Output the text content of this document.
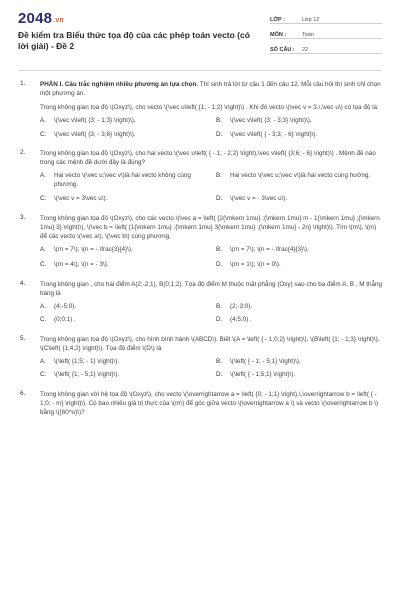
2048.vn
Đề kiểm tra Biểu thức tọa độ của các phép toán vecto (có lời giải) - Đề 2
LỚP :	Lớp 12
MÔN :	Toán
SỐ CÂU :	22
1. PHẦN I. Câu trắc nghiệm nhiều phương án lựa chọn. Thí sinh trả lời từ câu 1 đến câu 12. Mỗi câu hỏi thí sinh chỉ chọn một phương án.
Trong không gian tọa độ \(Oxyz\), cho vecto \(\vec u\left( {1; - 1;2} \right)\) . Khi đó vecto \(\vec v = 3.\,\vec u\) có tọa độ là:
A.	\(\vec v\left( {3; - 1;3} \right)\).	B.	\(\vec v\left( {3; - 3;3} \right)\).
C.	\(\vec v\left( {3; - 3;6} \right)\).	D.	\(\vec v\left( { - 3;3; - 6} \right)\).
2. Trong không gian tọa độ \(Oxyz\), cho hai vecto \(\vec u\left( { - 1; - 2;2} \right),\vec v\left( {3;6; - 6} \right)\) . Mệnh đề nào trong các mệnh đề dưới đây là đúng?
A.	Hai vecto \(\vec u;\vec v\)là hai vecto không cùng phương.
B.	Hai vecto \(\vec u;\vec v\)là hai vecto cùng hướng.
C.	\(\vec v = 3\vec u\).	D.	\(\vec v = - 3\vec u\).
3. Trong không gian tọa độ \(Oxyz\), cho các vecto \(\vec a = \left( {2{\mkern 1mu} ;{\mkern 1mu} m - 1{\mkern 1mu} ;{\mkern 1mu} 3} \right)\), \(\vec b = \left( {1{\mkern 1mu} ;{\mkern 1mu} 3{\mkern 1mu} ;{\mkern 1mu} - 2n} \right)\). Tìm \(m\), \(n\) để các vecto \(\vec a\), \(\vec b\) cùng phương.
A.	\(m = 7\); \(n = - \frac{3}{4}\).	B.	\(m = 7\); \(n = - \frac{4}{3}\).
C.	\(m = 4\); \(n = - 3\).	D.	\(m = 1\); \(n = 0\).
4. Trong không gian , cho hai điểm A(2;-2;1), B(0;1;2). Tọa độ điểm M thuộc mặt phẳng (Oxy) sao cho ba điểm A, B , M thẳng hàng là
A.	(4;-5;0).	B.	(2;-3;0).
C.	(0;0;1) .	D.	(4;5;0) .
5. Trong không gian tọa độ \(Oxyz\), cho hình bình hành \(ABCD\). Biết \(A = \left( { - 1;0;2} \right)\), \(B\left( {1; - 1;3} \right)\), \(C\left( {1;4;2} \right)\). Tọa độ điểm \(D\) là
A.	\(\left( {1;5; - 1} \right)\).	B.	\(\left( { - 1; - 5;1} \right)\).
C.	\(\left( {1; - 5;1} \right)\).	D.	\(\left( { - 1;5;1} \right)\).
6. Trong không gian với hệ tọa độ \(Oxyz\), cho vecto \(\overrightarrow a = \left( {0; - 1;1} \right),\,\overrightarrow b = \left( { - 1;0; - m} \right)\). Có bao nhiêu giá trị thực của \(m\) để góc giữa vecto \(\overrightarrow a \) và vecto \(\overrightarrow b \) bằng \({60^o}\)?
